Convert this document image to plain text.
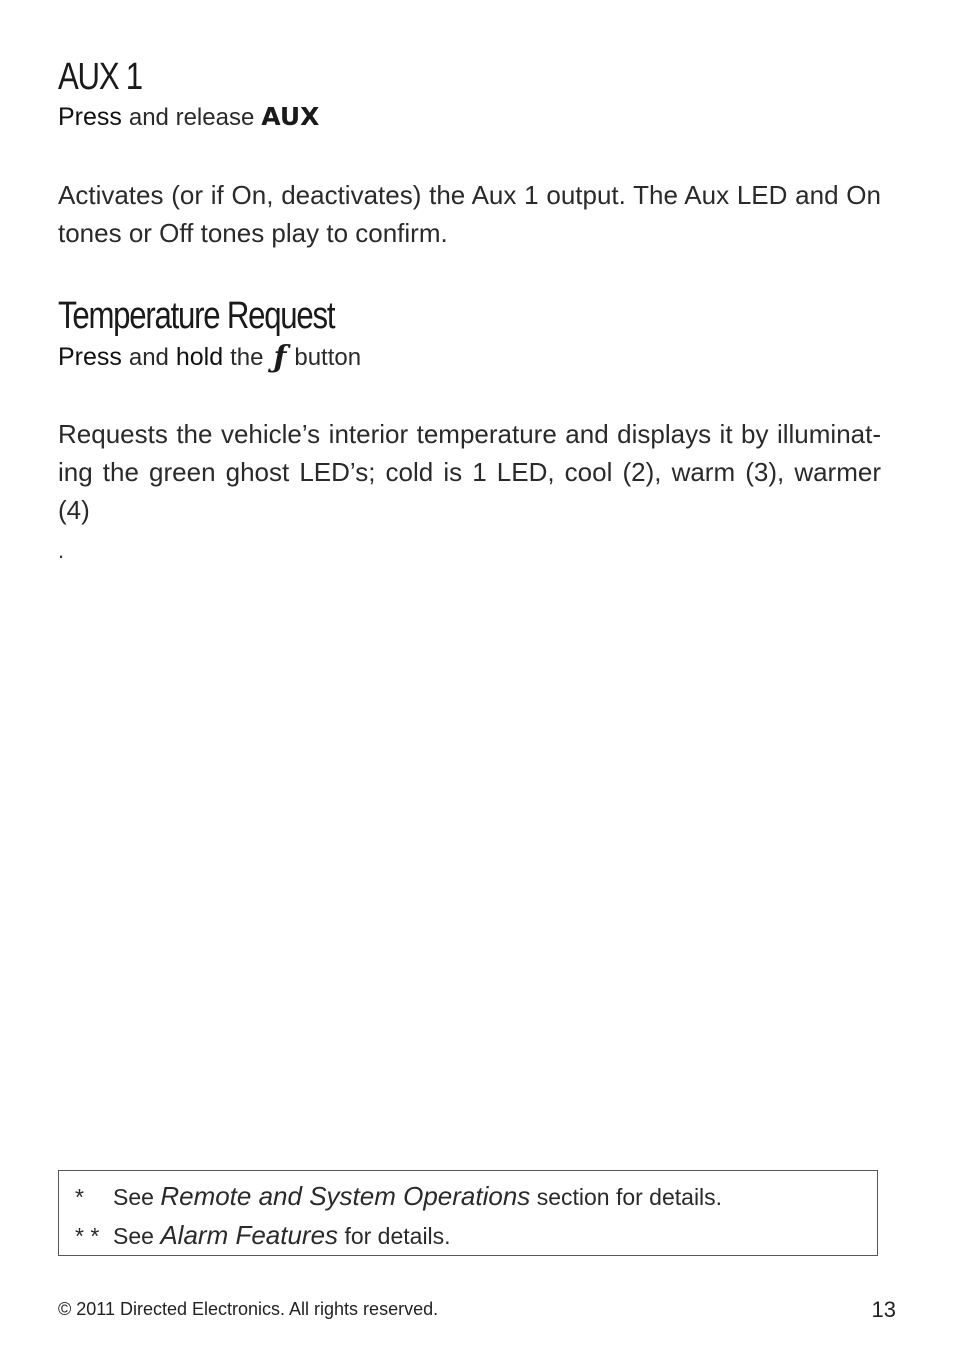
AUX 1
Press and release AUX
Activates (or if On, deactivates) the Aux 1 output. The Aux LED and On tones or Off tones play to confirm.
Temperature Request
Press and hold the ƒ button
Requests the vehicle’s interior temperature and displays it by illuminat-ing the green ghost LED’s; cold is 1 LED, cool (2), warm (3), warmer (4)
.
* See Remote and System Operations section for details.
* * See Alarm Features for details.
© 2011 Directed Electronics. All rights reserved.	13
